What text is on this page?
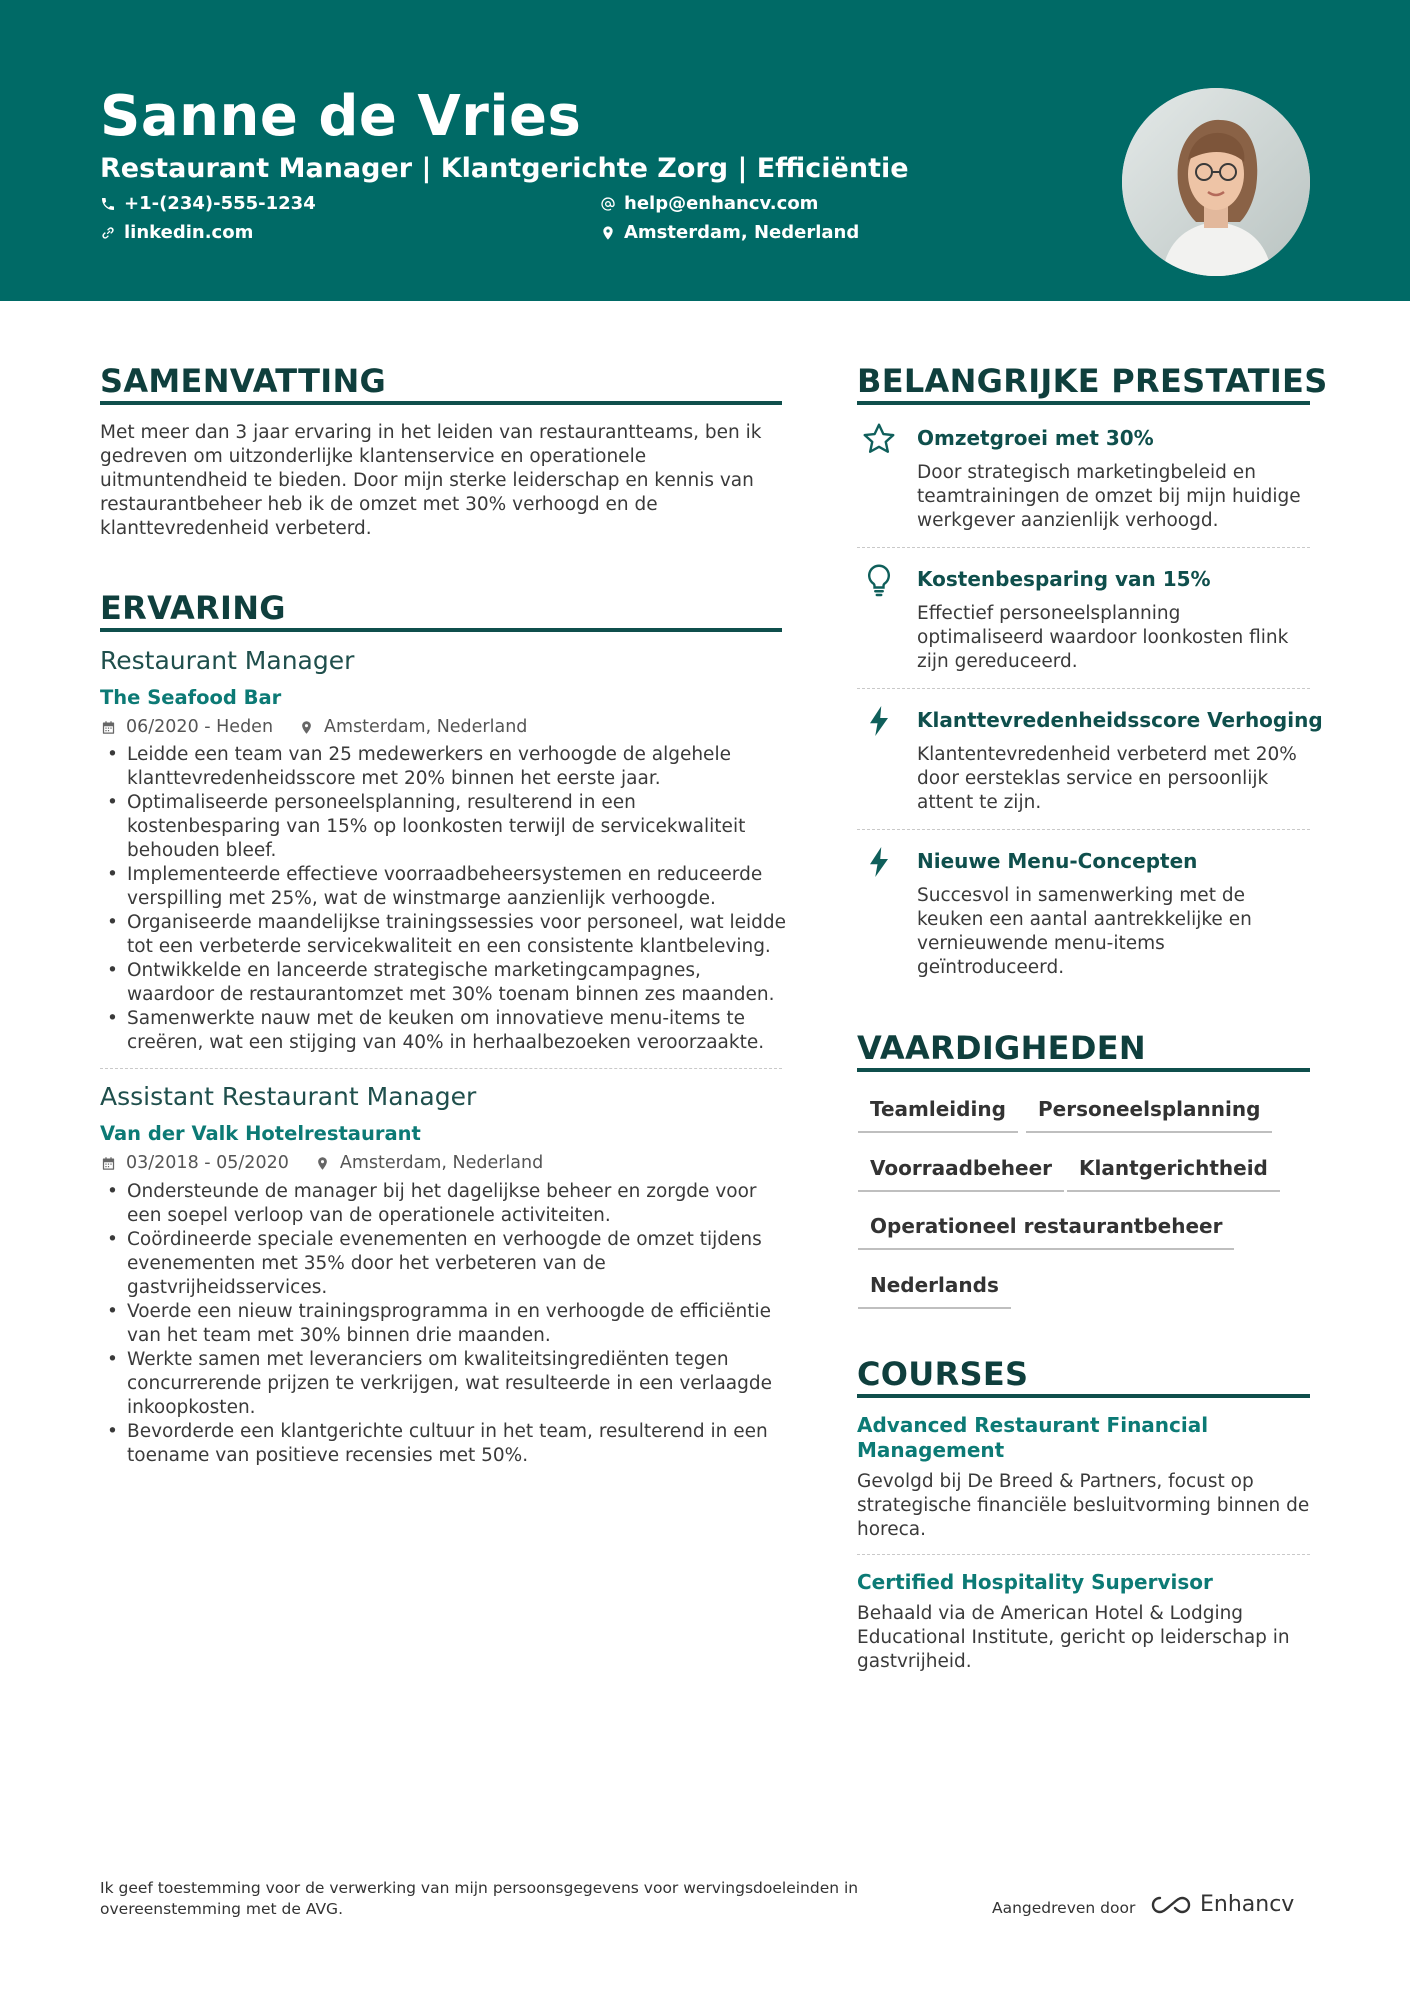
Sanne de Vries
Restaurant Manager | Klantgerichte Zorg | Efficiëntie
+1-(234)-555-1234
linkedin.com
help@enhancv.com
Amsterdam, Nederland
SAMENVATTING
Met meer dan 3 jaar ervaring in het leiden van restaurantteams, ben ik gedreven om uitzonderlijke klantenservice en operationele uitmuntendheid te bieden. Door mijn sterke leiderschap en kennis van restaurantbeheer heb ik de omzet met 30% verhoogd en de klanttevredenheid verbeterd.
ERVARING
Restaurant Manager
The Seafood Bar
06/2020 - Heden	Amsterdam, Nederland
• Leidde een team van 25 medewerkers en verhoogde de algehele klanttevredenheidsscore met 20% binnen het eerste jaar.
• Optimaliseerde personeelsplanning, resulterend in een kostenbesparing van 15% op loonkosten terwijl de servicekwaliteit behouden bleef.
• Implementeerde effectieve voorraadbeheersystemen en reduceerde verspilling met 25%, wat de winstmarge aanzienlijk verhoogde.
• Organiseerde maandelijkse trainingssessies voor personeel, wat leidde tot een verbeterde servicekwaliteit en een consistente klantbeleving.
• Ontwikkelde en lanceerde strategische marketingcampagnes, waardoor de restaurantomzet met 30% toenam binnen zes maanden.
• Samenwerkte nauw met de keuken om innovatieve menu-items te creëren, wat een stijging van 40% in herhaalbezoeken veroorzaakte.
Assistant Restaurant Manager
Van der Valk Hotelrestaurant
03/2018 - 05/2020	Amsterdam, Nederland
• Ondersteunde de manager bij het dagelijkse beheer en zorgde voor een soepel verloop van de operationele activiteiten.
• Coördineerde speciale evenementen en verhoogde de omzet tijdens evenementen met 35% door het verbeteren van de gastvrijheidsservices.
• Voerde een nieuw trainingsprogramma in en verhoogde de efficiëntie van het team met 30% binnen drie maanden.
• Werkte samen met leveranciers om kwaliteitsingrediënten tegen concurrerende prijzen te verkrijgen, wat resulteerde in een verlaagde inkoopkosten.
• Bevorderde een klantgerichte cultuur in het team, resulterend in een toename van positieve recensies met 50%.
BELANGRIJKE PRESTATIES
Omzetgroei met 30%
Door strategisch marketingbeleid en teamtrainingen de omzet bij mijn huidige werkgever aanzienlijk verhoogd.
Kostenbesparing van 15%
Effectief personeelsplanning optimaliseerd waardoor loonkosten flink zijn gereduceerd.
Klanttevredenheidsscore Verhoging
Klantentevredenheid verbeterd met 20% door eersteklas service en persoonlijk attent te zijn.
Nieuwe Menu-Concepten
Succesvol in samenwerking met de keuken een aantal aantrekkelijke en vernieuwende menu-items geïntroduceerd.
VAARDIGHEDEN
Teamleiding	Personeelsplanning
Voorraadbeheer	Klantgerichtheid
Operationeel restaurantbeheer
Nederlands
COURSES
Advanced Restaurant Financial Management
Gevolgd bij De Breed & Partners, focust op strategische financiële besluitvorming binnen de horeca.
Certified Hospitality Supervisor
Behaald via de American Hotel & Lodging Educational Institute, gericht op leiderschap in gastvrijheid.
Ik geef toestemming voor de verwerking van mijn persoonsgegevens voor wervingsdoeleinden in overeenstemming met de AVG.	Aangedreven door	Enhancv
